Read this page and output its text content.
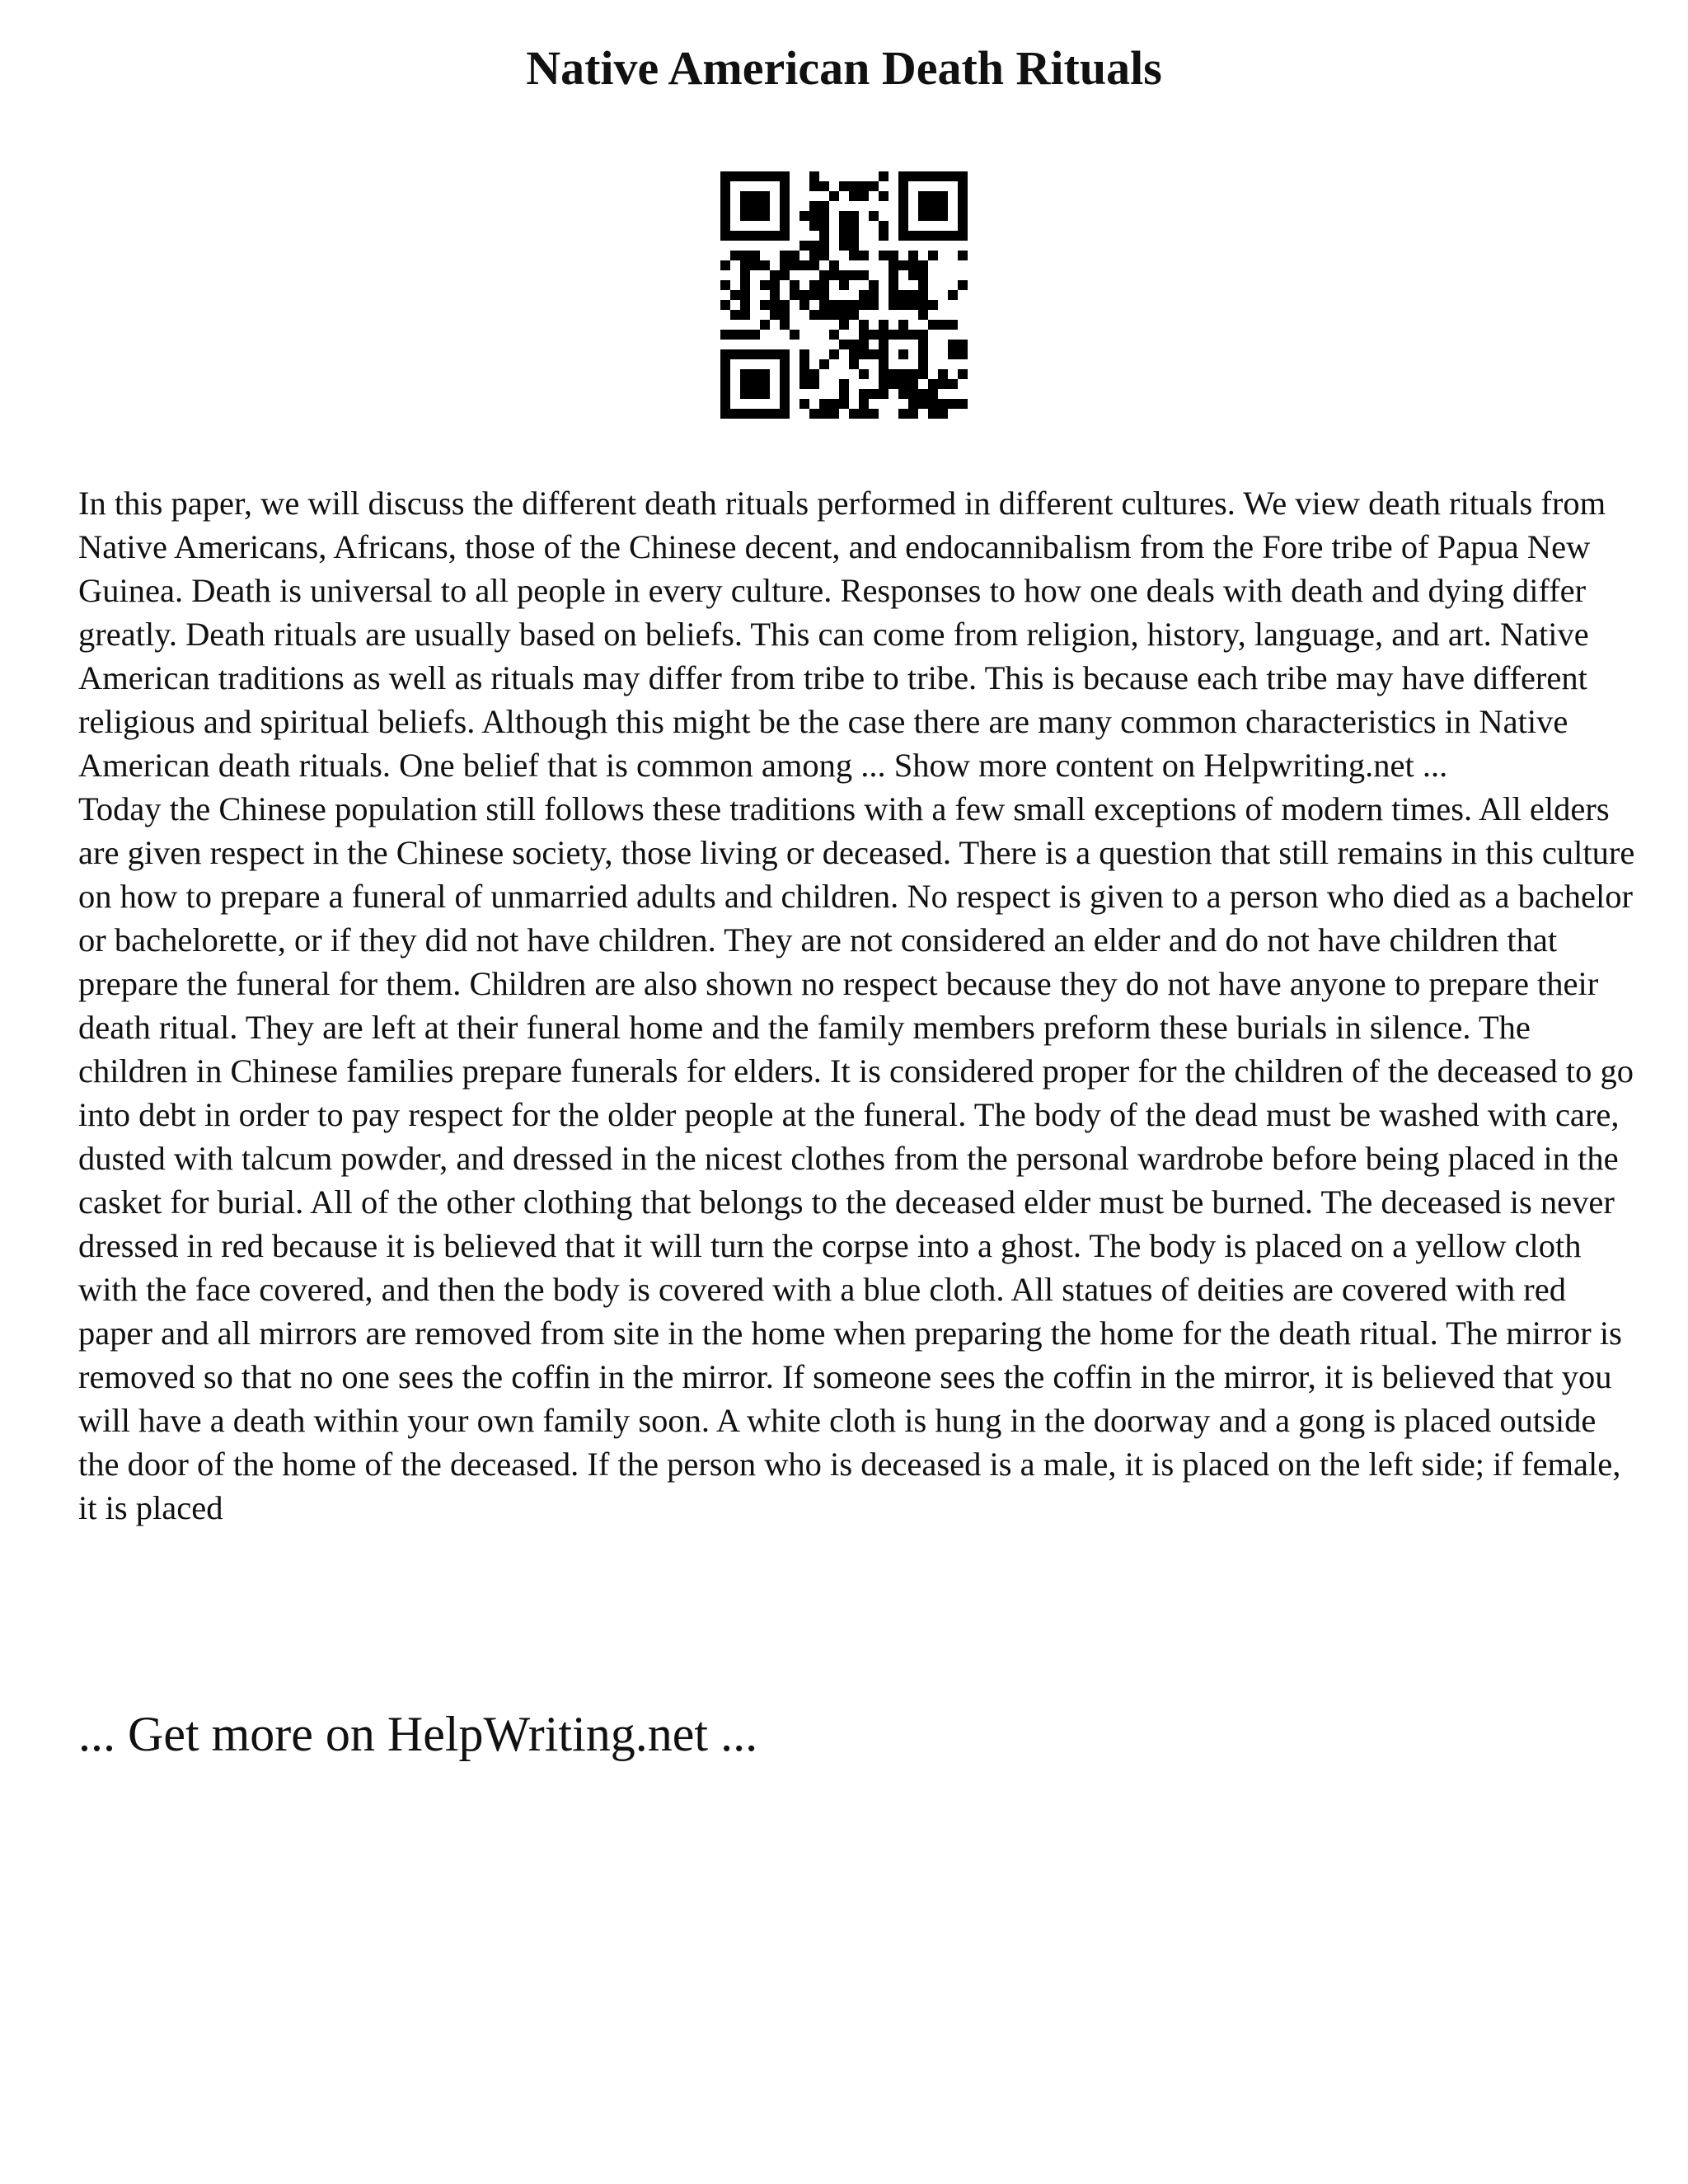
Native American Death Rituals

In this paper, we will discuss the different death rituals performed in different cultures. We view death rituals from Native Americans, Africans, those of the Chinese decent, and endocannibalism from the Fore tribe of Papua New Guinea. Death is universal to all people in every culture. Responses to how one deals with death and dying differ greatly. Death rituals are usually based on beliefs. This can come from religion, history, language, and art. Native American traditions as well as rituals may differ from tribe to tribe. This is because each tribe may have different religious and spiritual beliefs. Although this might be the case there are many common characteristics in Native American death rituals. One belief that is common among ... Show more content on Helpwriting.net ...

Today the Chinese population still follows these traditions with a few small exceptions of modern times. All elders are given respect in the Chinese society, those living or deceased. There is a question that still remains in this culture on how to prepare a funeral of unmarried adults and children. No respect is given to a person who died as a bachelor or bachelorette, or if they did not have children. They are not considered an elder and do not have children that prepare the funeral for them. Children are also shown no respect because they do not have anyone to prepare their death ritual. They are left at their funeral home and the family members preform these burials in silence. The children in Chinese families prepare funerals for elders. It is considered proper for the children of the deceased to go into debt in order to pay respect for the older people at the funeral. The body of the dead must be washed with care, dusted with talcum powder, and dressed in the nicest clothes from the personal wardrobe before being placed in the casket for burial. All of the other clothing that belongs to the deceased elder must be burned. The deceased is never dressed in red because it is believed that it will turn the corpse into a ghost. The body is placed on a yellow cloth with the face covered, and then the body is covered with a blue cloth. All statues of deities are covered with red paper and all mirrors are removed from site in the home when preparing the home for the death ritual. The mirror is removed so that no one sees the coffin in the mirror. If someone sees the coffin in the mirror, it is believed that you will have a death within your own family soon. A white cloth is hung in the doorway and a gong is placed outside the door of the home of the deceased. If the person who is deceased is a male, it is placed on the left side; if female, it is placed

... Get more on HelpWriting.net ...
